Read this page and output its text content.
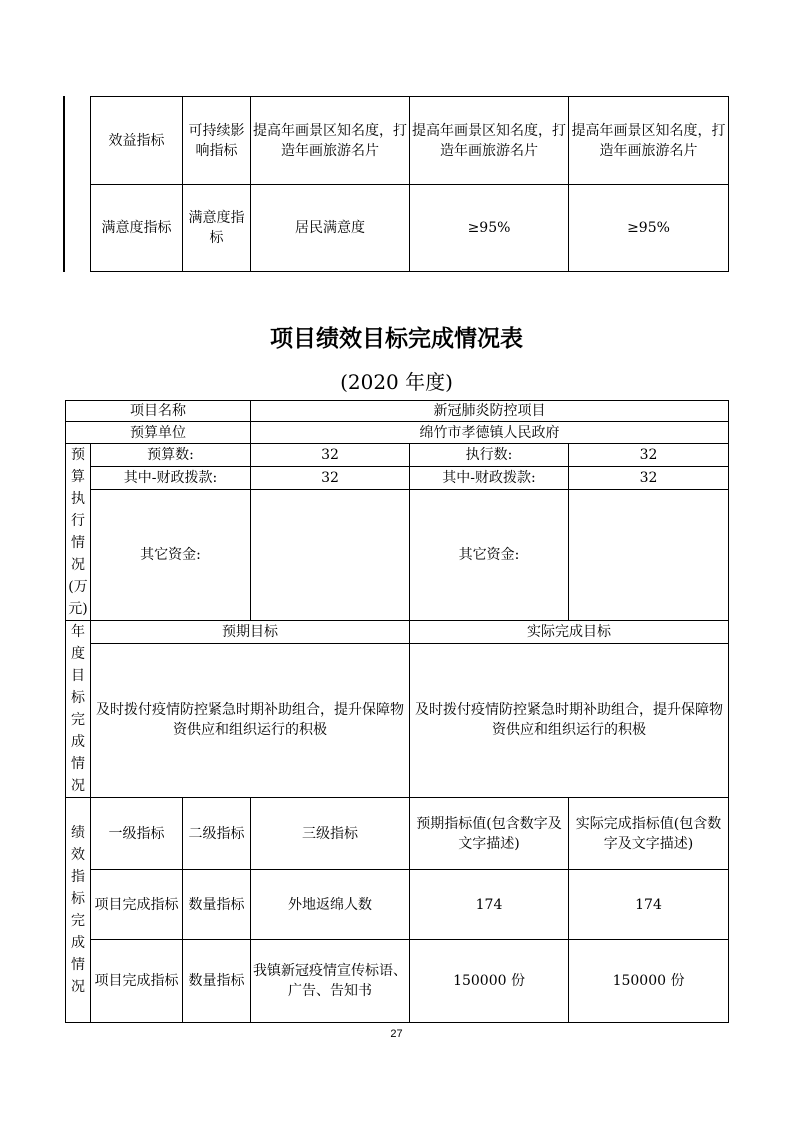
效益指标	可持续影响指标	提高年画景区知名度，打造年画旅游名片	提高年画景区知名度，打造年画旅游名片	提高年画景区知名度，打造年画旅游名片
满意度指标	满意度指标	居民满意度	≥95%	≥95%
项目绩效目标完成情况表
(2020 年度)
项目名称			新冠肺炎防控项目		
预算单位			绵竹市孝德镇人民政府		
预算执行情况(万元)	预算数:		32	执行数:	32
	其中-财政拨款:		32	其中-财政拨款:	32
	其它资金:			其它资金:	
年度目标完成情况	预期目标			实际完成目标	
	及时拨付疫情防控紧急时期补助组合，提升保障物资供应和组织运行的积极			及时拨付疫情防控紧急时期补助组合，提升保障物资供应和组织运行的积极	
绩效指标完成情况	一级指标	二级指标	三级指标	预期指标值(包含数字及文字描述)	实际完成指标值(包含数字及文字描述)
	项目完成指标	数量指标	外地返绵人数	174	174
	项目完成指标	数量指标	我镇新冠疫情宣传标语、广告、告知书	150000 份	150000 份
27
